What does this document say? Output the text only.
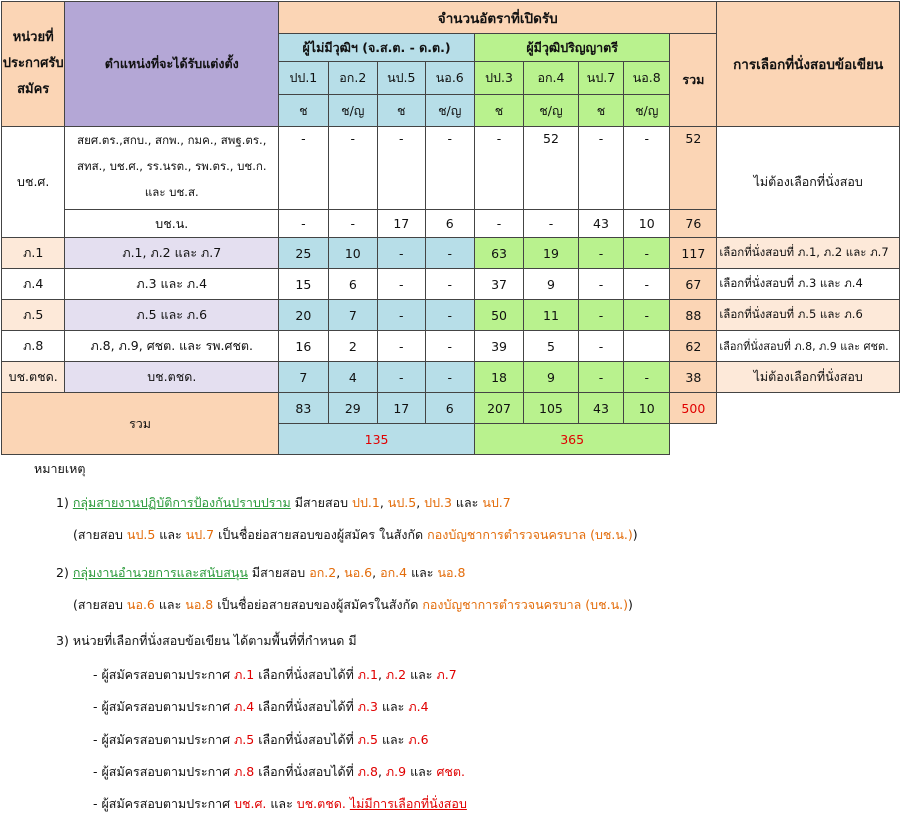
หน่วยที่ประกาศรับสมัคร	ตำแหน่งที่จะได้รับแต่งตั้ง	จำนวนอัตราที่เปิดรับ									การเลือกที่นั่งสอบข้อเขียน
		ผู้ไม่มีวุฒิฯ (จ.ส.ต. - ด.ต.)				ผู้มีวุฒิปริญญาตรี				รวม	
		ปป.1	อก.2	นป.5	นอ.6	ปป.3	อก.4	นป.7	นอ.8		
		ช	ช/ญ	ช	ช/ญ	ช	ช/ญ	ช	ช/ญ		
บช.ศ.	สยศ.ตร.,สกบ., สกพ., กมค., สพฐ.ตร., สทส., บช.ศ., รร.นรต., รพ.ตร., บช.ก. และ บช.ส.	-	-	-	-	-	52	-	-	52	ไม่ต้องเลือกที่นั่งสอบ
	บช.น.	-	-	17	6	-	-	43	10	76	
ภ.1	ภ.1, ภ.2 และ ภ.7	25	10	-	-	63	19	-	-	117	เลือกที่นั่งสอบที่ ภ.1, ภ.2 และ ภ.7
ภ.4	ภ.3 และ ภ.4	15	6	-	-	37	9	-	-	67	เลือกที่นั่งสอบที่ ภ.3 และ ภ.4
ภ.5	ภ.5 และ ภ.6	20	7	-	-	50	11	-	-	88	เลือกที่นั่งสอบที่ ภ.5 และ ภ.6
ภ.8	ภ.8, ภ.9, ศชต. และ รพ.ศชต.	16	2	-	-	39	5	-		62	เลือกที่นั่งสอบที่ ภ.8, ภ.9 และ ศชต.
บช.ตชด.	บช.ตชด.	7	4	-	-	18	9	-	-	38	ไม่ต้องเลือกที่นั่งสอบ
รวม		83	29	17	6	207	105	43	10	500	
		135				365					
หมายเหตุ
1) กลุ่มสายงานปฏิบัติการป้องกันปราบปราม มีสายสอบ ปป.1, นป.5, ปป.3 และ นป.7
(สายสอบ นป.5 และ นป.7 เป็นชื่อย่อสายสอบของผู้สมัคร ในสังกัด กองบัญชาการตำรวจนครบาล (บช.น.))
2) กลุ่มงานอำนวยการและสนับสนุน มีสายสอบ อก.2, นอ.6, อก.4 และ นอ.8
(สายสอบ นอ.6 และ นอ.8 เป็นชื่อย่อสายสอบของผู้สมัครในสังกัด กองบัญชาการตำรวจนครบาล (บช.น.))
3) หน่วยที่เลือกที่นั่งสอบข้อเขียน ได้ตามพื้นที่ที่กำหนด มี
- ผู้สมัครสอบตามประกาศ ภ.1 เลือกที่นั่งสอบได้ที่ ภ.1, ภ.2 และ ภ.7
- ผู้สมัครสอบตามประกาศ ภ.4 เลือกที่นั่งสอบได้ที่ ภ.3 และ ภ.4
- ผู้สมัครสอบตามประกาศ ภ.5 เลือกที่นั่งสอบได้ที่ ภ.5 และ ภ.6
- ผู้สมัครสอบตามประกาศ ภ.8 เลือกที่นั่งสอบได้ที่ ภ.8, ภ.9 และ ศชต.
- ผู้สมัครสอบตามประกาศ บช.ศ. และ บช.ตชด. ไม่มีการเลือกที่นั่งสอบ
